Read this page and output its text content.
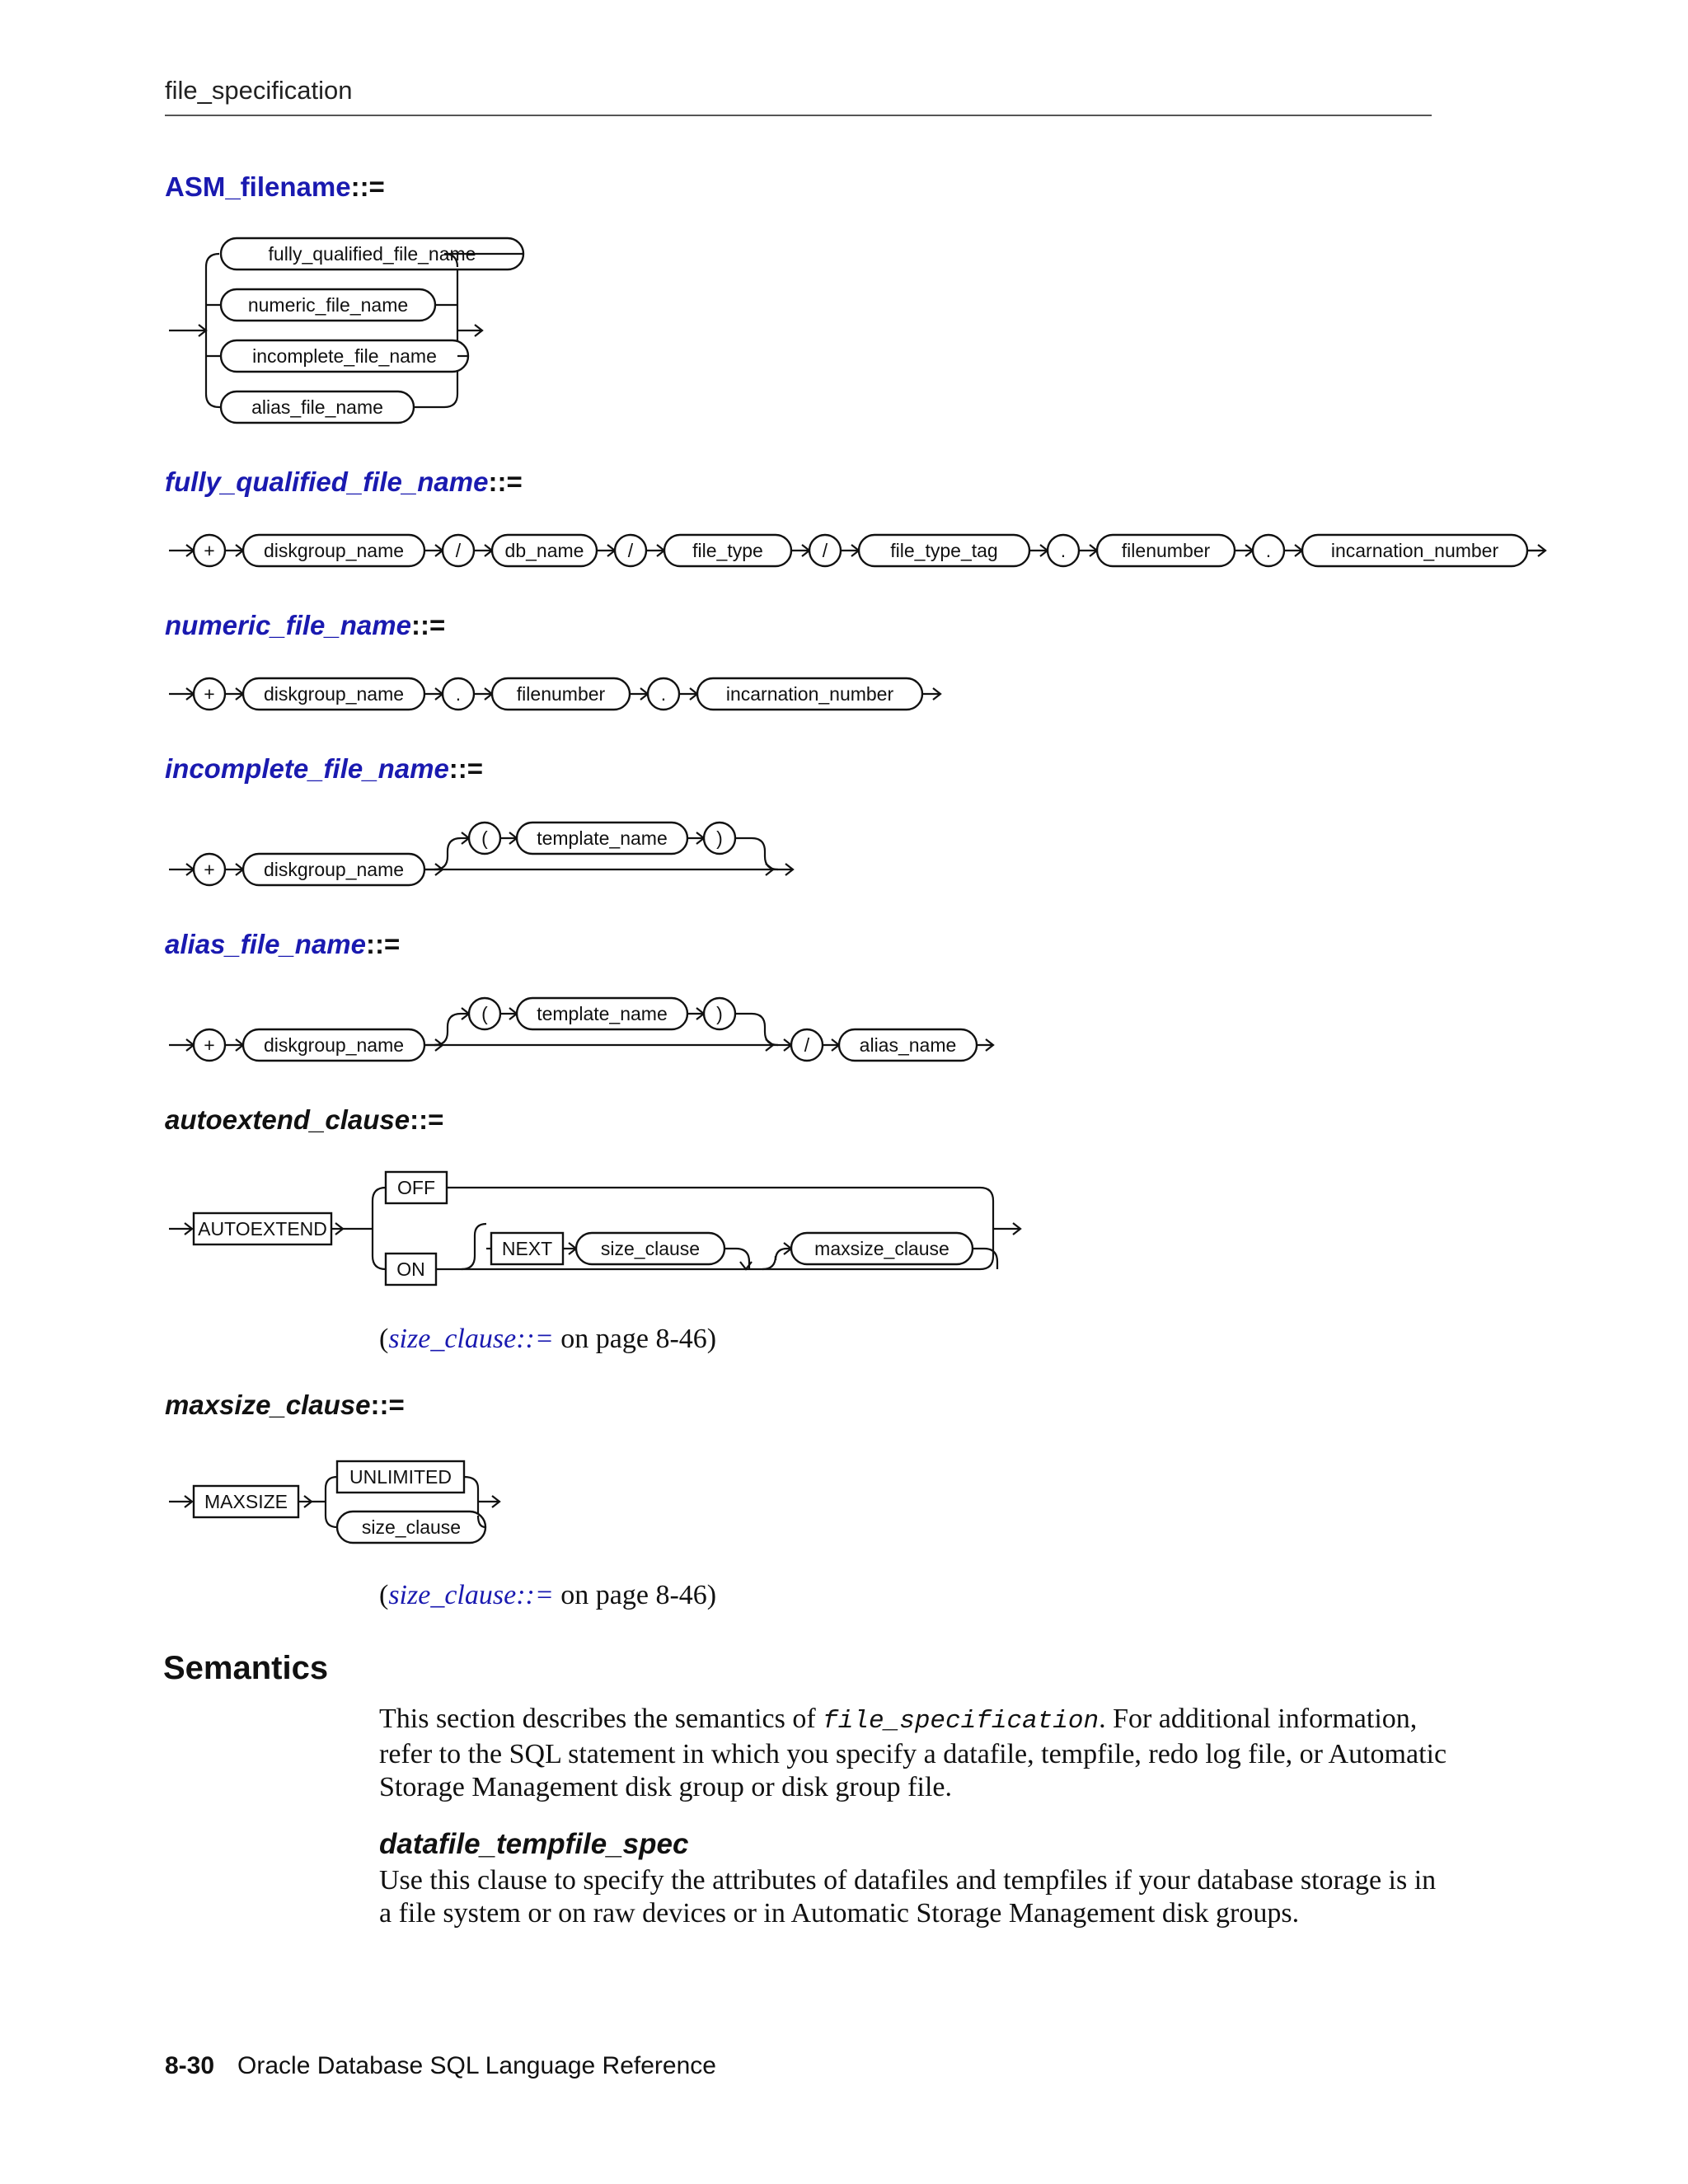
file_specification
ASM_filename::=
fully_qualified_file_name::=
numeric_file_name::=
incomplete_file_name::=
alias_file_name::=
autoextend_clause::=
maxsize_clause::=
fully_qualified_file_name
numeric_file_name
incomplete_file_name
alias_file_name
+	diskgroup_name	/ db_name /	file_type	/	file_type_tag	.	filenumber	.	incarnation_number
+	diskgroup_name	.	filenumber	.	incarnation_number
+	diskgroup_name
(	template_name	)
+	diskgroup_name
(	template_name	)
/	alias_name
AUTOEXTEND
OFF
ON
NEXT	size_clause	maxsize_clause
MAXSIZE
UNLIMITED
size_clause
(size_clause::= on page 8-46)
(size_clause::= on page 8-46)
Semantics
This section describes the semantics of file_specification. For additional information, refer to the SQL statement in which you specify a datafile, tempfile, redo log file, or Automatic Storage Management disk group or disk group file.
datafile_tempfile_spec
Use this clause to specify the attributes of datafiles and tempfiles if your database storage is in a file system or on raw devices or in Automatic Storage Management disk groups.
8-30 Oracle Database SQL Language Reference
